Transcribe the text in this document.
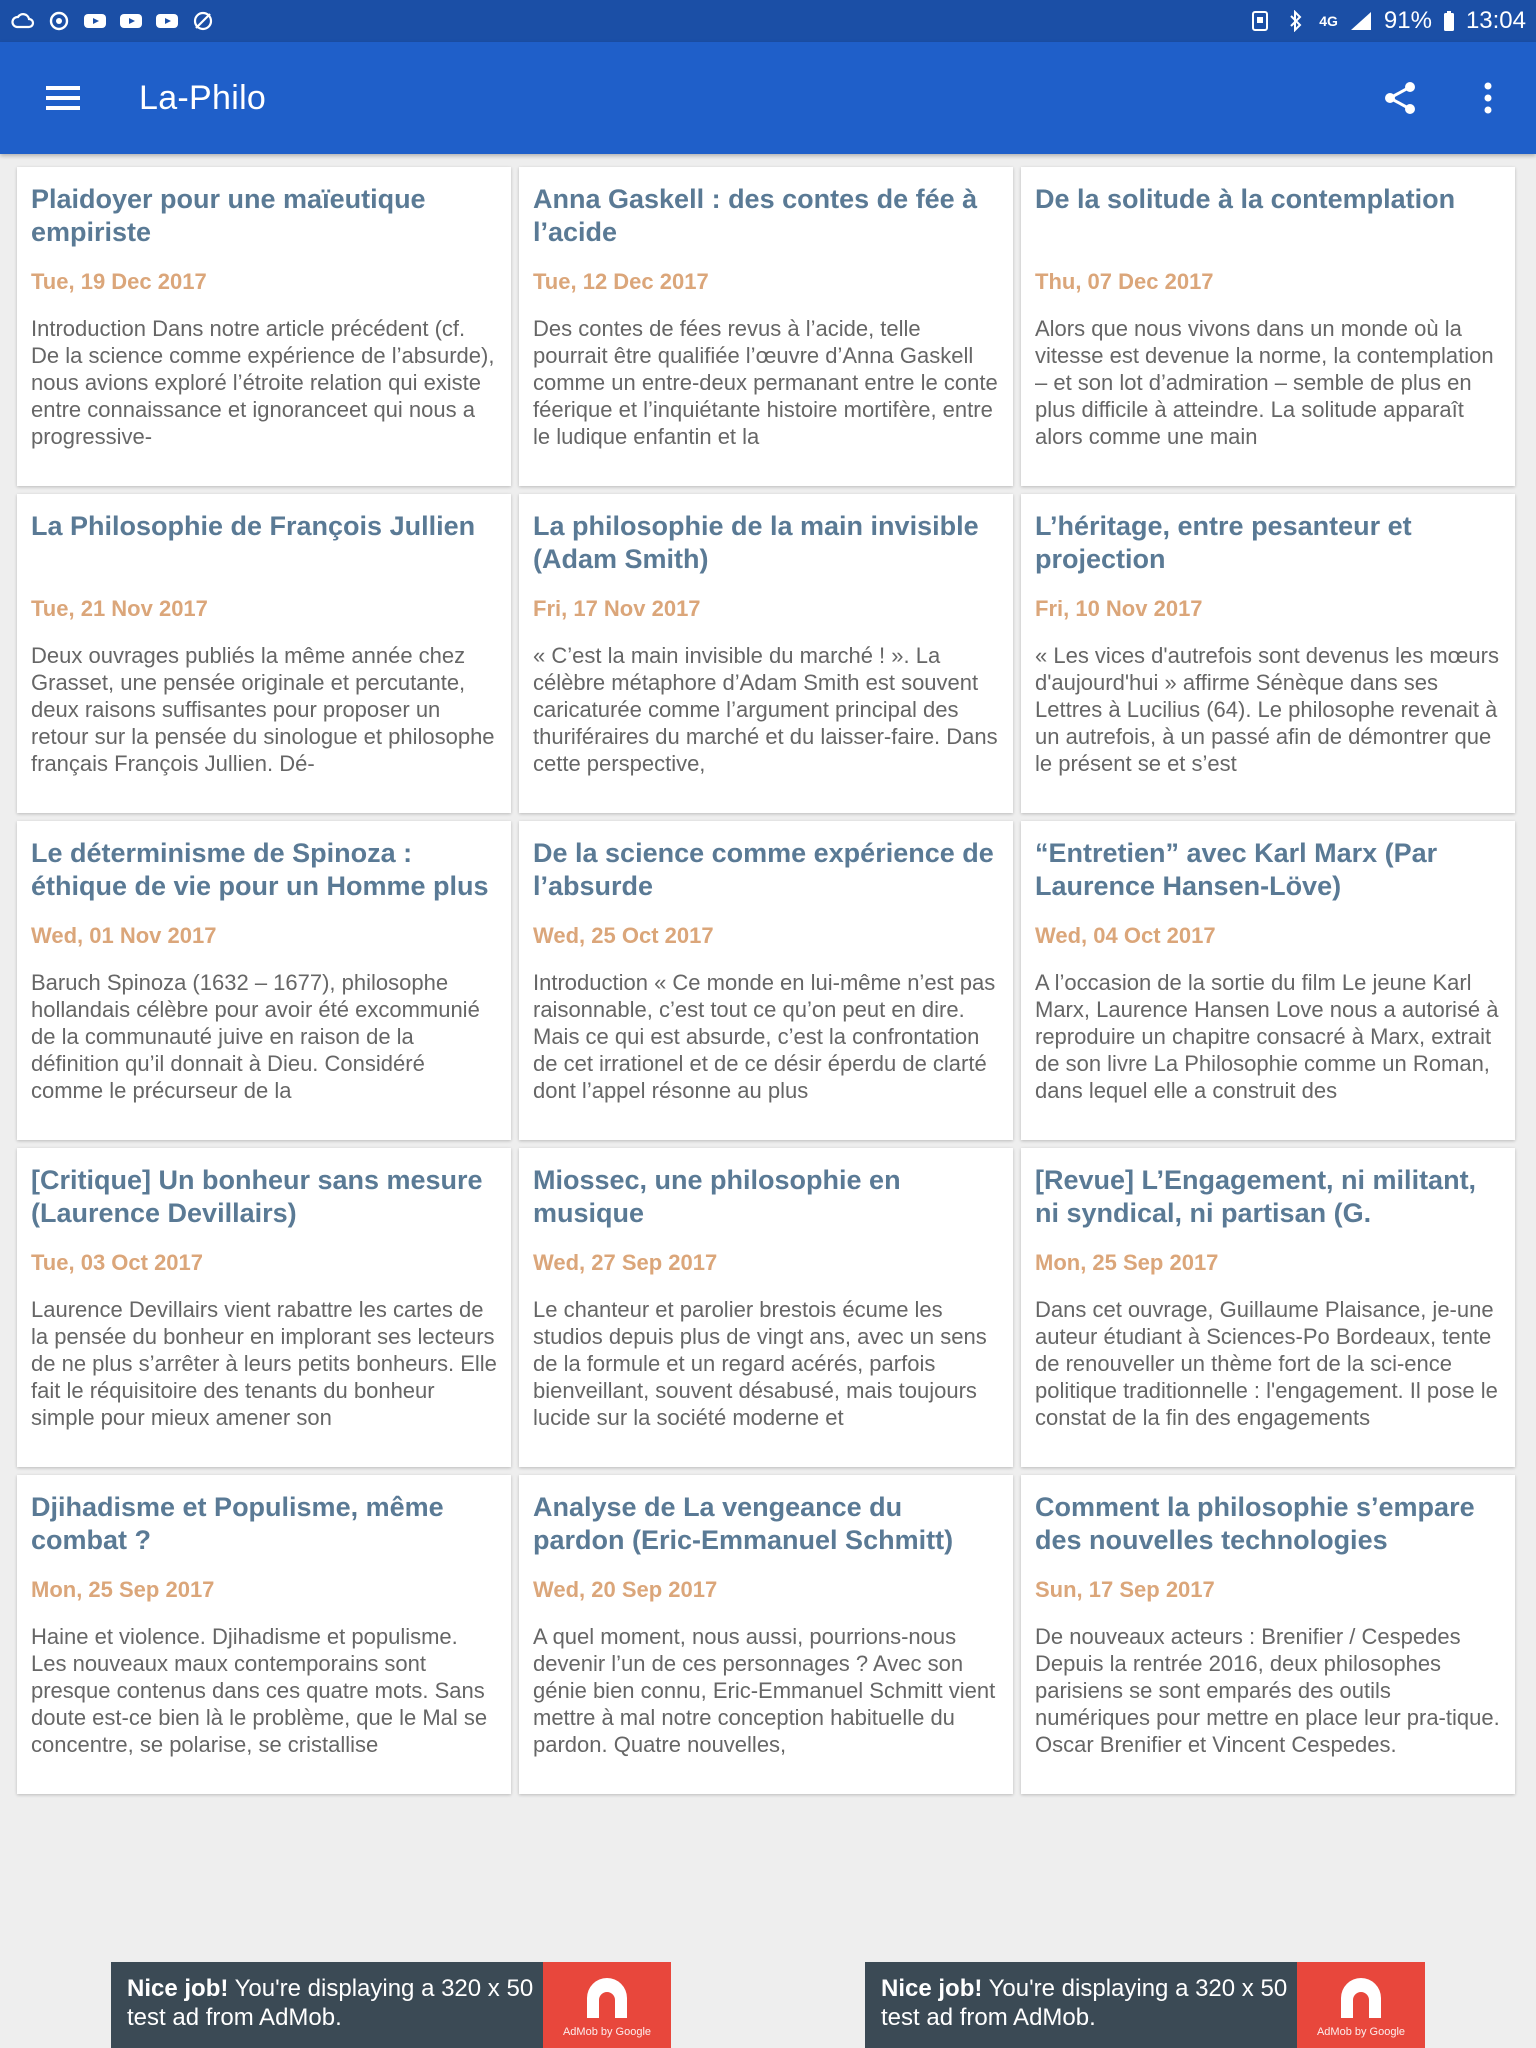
4G 91% 13:04
La-Philo
Plaidoyer pour une maïeutique empiriste
Tue, 19 Dec 2017
Introduction Dans notre article précédent (cf. De la science comme expérience de l’absurde), nous avions exploré l’étroite relation qui existe entre connaissance et ignoranceet qui nous a progressive-
Anna Gaskell : des contes de fée à l’acide
Tue, 12 Dec 2017
Des contes de fées revus à l’acide, telle pourrait être qualifiée l’œuvre d’Anna Gaskell comme un entre-deux permanant entre le conte féerique et l’inquiétante histoire mortifère, entre le ludique enfantin et la
De la solitude à la contemplation
Thu, 07 Dec 2017
Alors que nous vivons dans un monde où la vitesse est devenue la norme, la contemplation – et son lot d’admiration – semble de plus en plus difficile à atteindre. La solitude apparaît alors comme une main
La Philosophie de François Jullien
Tue, 21 Nov 2017
Deux ouvrages publiés la même année chez Grasset, une pensée originale et percutante, deux raisons suffisantes pour proposer un retour sur la pensée du sinologue et philosophe français François Jullien. Dé-
La philosophie de la main invisible (Adam Smith)
Fri, 17 Nov 2017
« C’est la main invisible du marché ! ». La célèbre métaphore d’Adam Smith est souvent caricaturée comme l’argument principal des thuriféraires du marché et du laisser-faire. Dans cette perspective,
L’héritage, entre pesanteur et projection
Fri, 10 Nov 2017
« Les vices d'autrefois sont devenus les mœurs d'aujourd'hui » affirme Sénèque dans ses Lettres à Lucilius (64). Le philosophe revenait à un autrefois, à un passé afin de démontrer que le présent se et s’est
Le déterminisme de Spinoza : éthique de vie pour un Homme plus
Wed, 01 Nov 2017
Baruch Spinoza (1632 – 1677), philosophe hollandais célèbre pour avoir été excommunié de la communauté juive en raison de la définition qu’il donnait à Dieu. Considéré comme le précurseur de la
De la science comme expérience de l’absurde
Wed, 25 Oct 2017
Introduction « Ce monde en lui-même n’est pas raisonnable, c’est tout ce qu’on peut en dire. Mais ce qui est absurde, c’est la confrontation de cet irrationel et de ce désir éperdu de clarté dont l’appel résonne au plus
“Entretien” avec Karl Marx (Par Laurence Hansen-Löve)
Wed, 04 Oct 2017
A l’occasion de la sortie du film Le jeune Karl Marx, Laurence Hansen Love nous a autorisé à reproduire un chapitre consacré à Marx, extrait de son livre La Philosophie comme un Roman, dans lequel elle a construit des
[Critique] Un bonheur sans mesure (Laurence Devillairs)
Tue, 03 Oct 2017
Laurence Devillairs vient rabattre les cartes de la pensée du bonheur en implorant ses lecteurs de ne plus s’arrêter à leurs petits bonheurs. Elle fait le réquisitoire des tenants du bonheur simple pour mieux amener son
Miossec, une philosophie en musique
Wed, 27 Sep 2017
Le chanteur et parolier brestois écume les studios depuis plus de vingt ans, avec un sens de la formule et un regard acérés, parfois bienveillant, souvent désabusé, mais toujours lucide sur la société moderne et
[Revue] L’Engagement, ni militant, ni syndical, ni partisan (G.
Mon, 25 Sep 2017
Dans cet ouvrage, Guillaume Plaisance, je-une auteur étudiant à Sciences-Po Bordeaux, tente de renouveller un thème fort de la sci-ence politique traditionnelle : l'engagement. Il pose le constat de la fin des engagements
Djihadisme et Populisme, même combat ?
Mon, 25 Sep 2017
Haine et violence. Djihadisme et populisme. Les nouveaux maux contemporains sont presque contenus dans ces quatre mots. Sans doute est-ce bien là le problème, que le Mal se concentre, se polarise, se cristallise
Analyse de La vengeance du pardon (Eric-Emmanuel Schmitt)
Wed, 20 Sep 2017
A quel moment, nous aussi, pourrions-nous devenir l’un de ces personnages ? Avec son génie bien connu, Eric-Emmanuel Schmitt vient mettre à mal notre conception habituelle du pardon. Quatre nouvelles,
Comment la philosophie s’empare des nouvelles technologies
Sun, 17 Sep 2017
De nouveaux acteurs : Brenifier / Cespedes Depuis la rentrée 2016, deux philosophes parisiens se sont emparés des outils numériques pour mettre en place leur pra-tique. Oscar Brenifier et Vincent Cespedes.
Nice job! You're displaying a 320 x 50 test ad from AdMob.
AdMob by Google
Nice job! You're displaying a 320 x 50 test ad from AdMob.
AdMob by Google
